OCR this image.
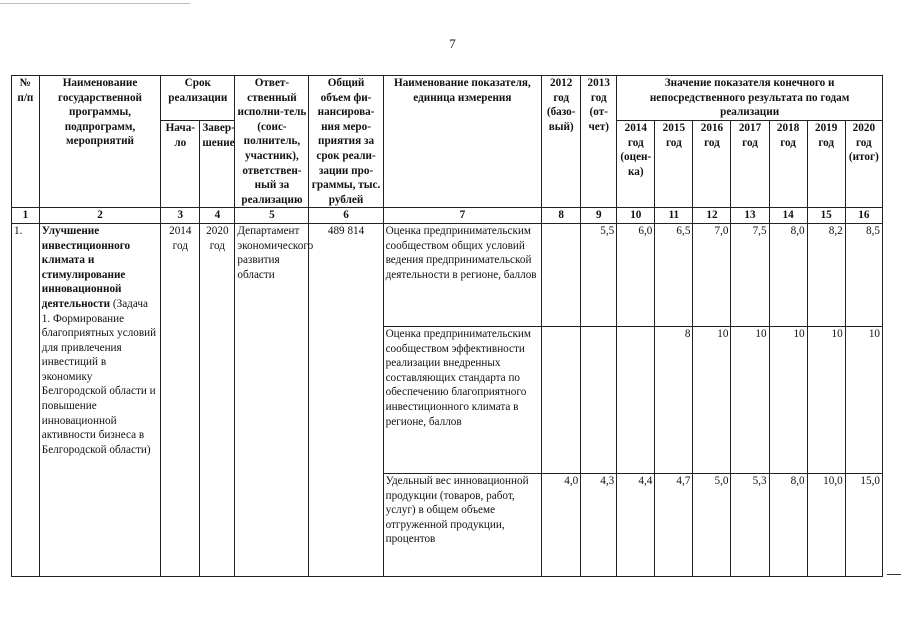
7
№ п/п	Наименование государственной программы, подпрограмм, мероприятий	Срок реализации		Ответ-ственный исполни-тель (соис-полнитель, участник), ответствен-ный за реализацию	Общий объем фи-нансирова-ния меро-приятия за срок реали-зации про-граммы, тыс. рублей	Наименование показателя, единица измерения	2012 год (базо-вый)	2013 год (от-чет)	Значение показателя конечного и непосредственного результата по годам реализации						
		Нача-ло	Завер-шение						2014 год (оцен-ка)	2015 год	2016 год	2017 год	2018 год	2019 год	2020 год (итог)
1	2	3	4	5	6	7	8	9	10	11	12	13	14	15	16
1.	Улучшение инвестиционного климата и стимулирование инновационной деятельности (Задача 1. Формирование благоприятных условий для привлечения инвестиций в экономику Белгородской области и повышение инновационной активности бизнеса в Белгородской области)	2014 год	2020 год	Департамент экономического развития области	489 814	Оценка предпринимательским сообществом общих условий ведения предпринимательской деятельности в регионе, баллов		5,5	6,0	6,5	7,0	7,5	8,0	8,2	8,5
						Оценка предпринимательским сообществом эффективности реализации внедренных составляющих стандарта по обеспечению благоприятного инвестиционного климата в регионе, баллов				8	10	10	10	10	10
						Удельный вес инновационной продукции (товаров, работ, услуг) в общем объеме отгруженной продукции, процентов	4,0	4,3	4,4	4,7	5,0	5,3	8,0	10,0	15,0
